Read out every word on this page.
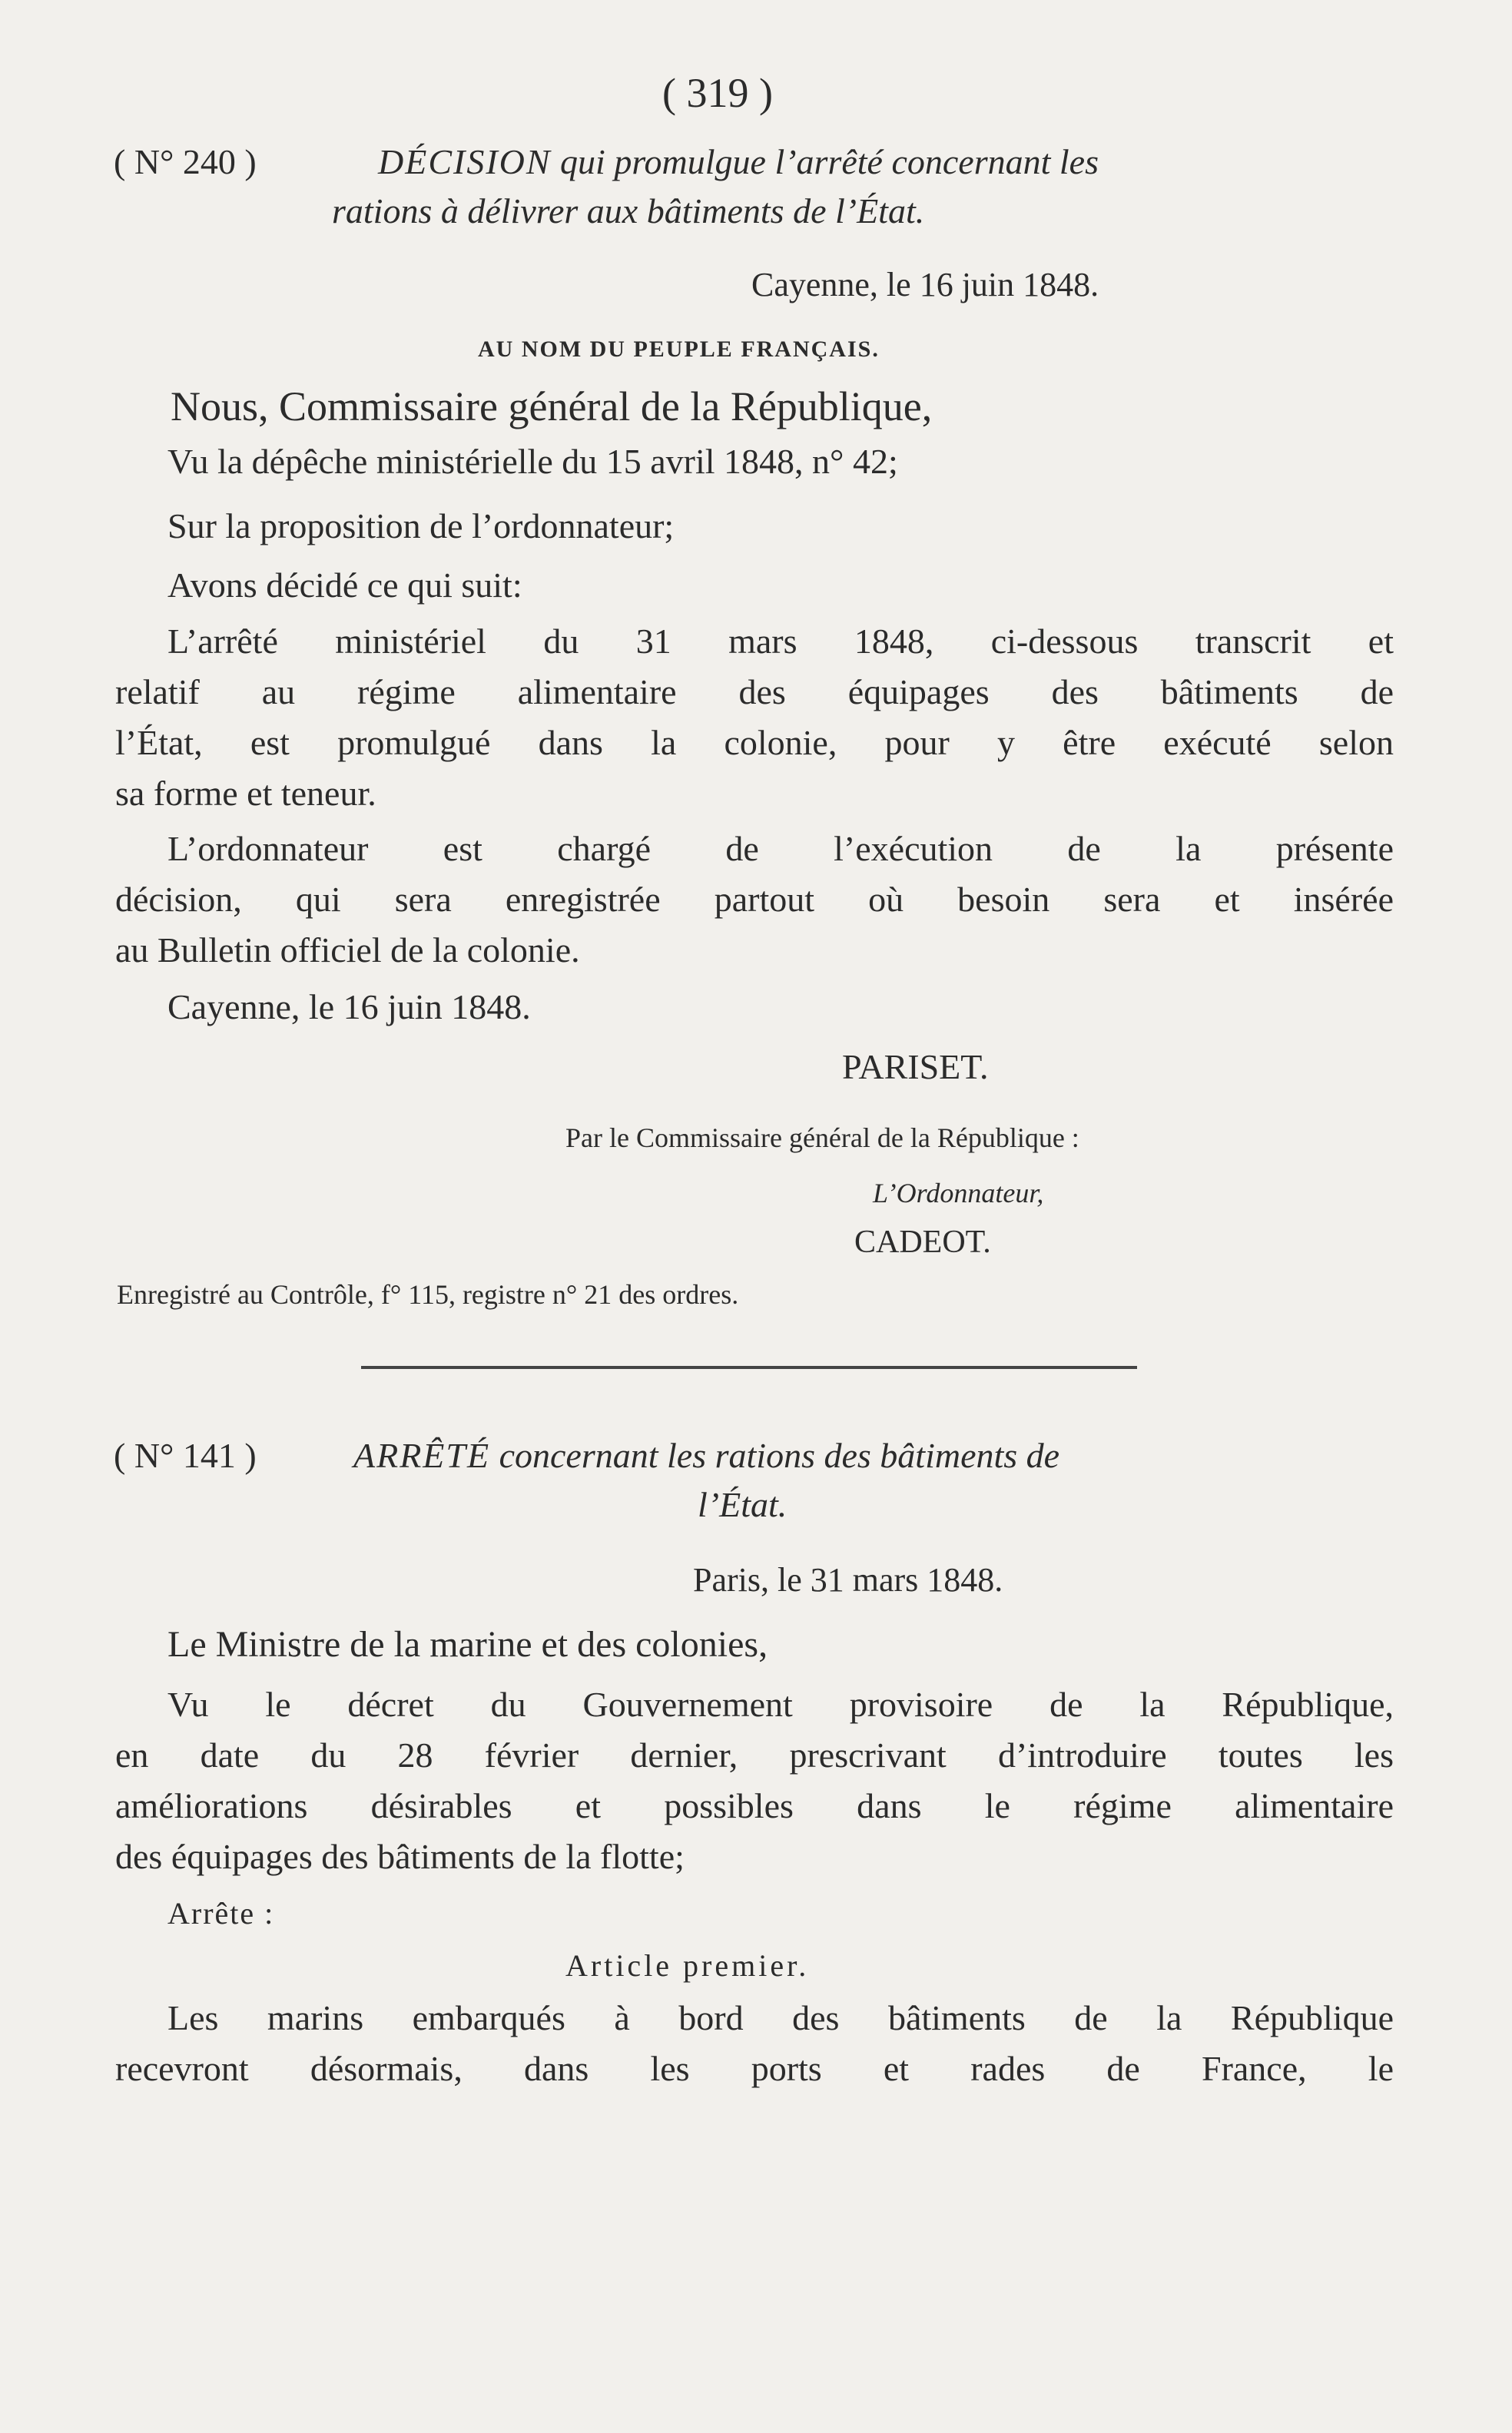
( 319 )
( N° 240 )	DÉCISION qui promulgue l’arrêté concernant les
rations à délivrer aux bâtiments de l’État.
Cayenne, le 16 juin 1848.
AU NOM DU PEUPLE FRANÇAIS.
Nous, Commissaire général de la République,
Vu la dépêche ministérielle du 15 avril 1848, n° 42;
Sur la proposition de l’ordonnateur;
Avons décidé ce qui suit:
L’arrêté ministériel du 31 mars 1848, ci-dessous transcrit et
relatif au régime alimentaire des équipages des bâtiments de
l’État, est promulgué dans la colonie, pour y être exécuté selon
sa forme et teneur.
L’ordonnateur est chargé de l’exécution de la présente
décision, qui sera enregistrée partout où besoin sera et insérée
au Bulletin officiel de la colonie.
Cayenne, le 16 juin 1848.
PARISET.
Par le Commissaire général de la République :
L’Ordonnateur,
CADEOT.
Enregistré au Contrôle, f° 115, registre n° 21 des ordres.
( N° 141 )	ARRÊTÉ concernant les rations des bâtiments de
l’État.
Paris, le 31 mars 1848.
Le Ministre de la marine et des colonies,
Vu le décret du Gouvernement provisoire de la République,
en date du 28 février dernier, prescrivant d’introduire toutes les
améliorations désirables et possibles dans le régime alimentaire
des équipages des bâtiments de la flotte;
Arrête :
Article premier.
Les marins embarqués à bord des bâtiments de la République
recevront désormais, dans les ports et rades de France, le
